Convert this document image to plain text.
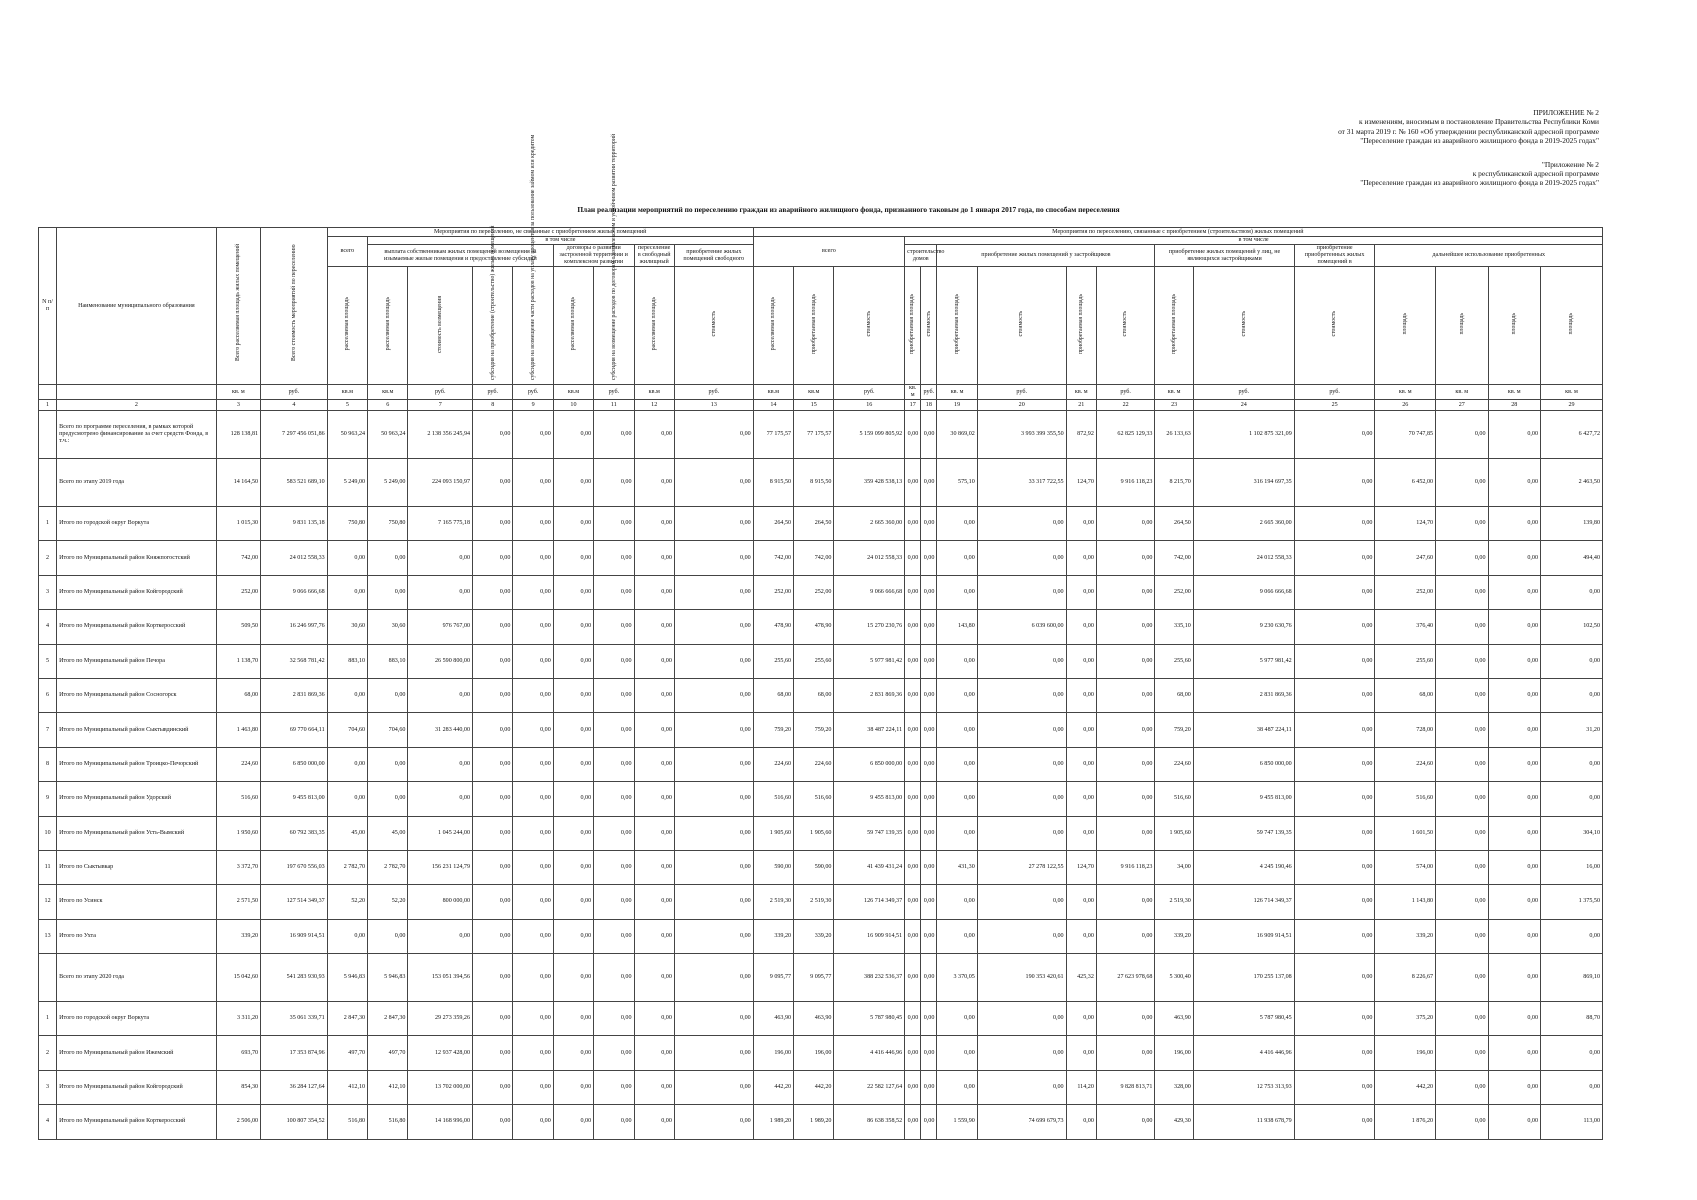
ПРИЛОЖЕНИЕ № 2
к изменениям, вносимым в постановление Правительства Республики Коми
от 31 марта 2019 г. № 160 «Об утверждении республиканской адресной программе
"Переселение граждан из аварийного жилищного фонда в 2019-2025 годах"
"Приложение № 2
к республиканской адресной программе
"Переселение граждан из аварийного жилищного фонда в 2019-2025 годах"
План реализации мероприятий по переселению граждан из аварийного жилищного фонда, признанного таковым до 1 января 2017 года, по способам переселения
N п/п	Наименование муниципального образования	Всего расселяемая площадь жилых помещений	Всего стоимость мероприятий по переселению	Мероприятия по переселению, не связанные с приобретением жилых помещений									Мероприятия по переселению, связанные с приобретением (строительством) жилых помещений															
				всего	в том числе								всего			в том числе												
					выплата собственникам жилых помещений возмещения за изымаемые жилые помещения и предоставление субсидий				договоры о развитии застроенной территории и комплексном развитии		переселение в свободный жилищный	приобретение жилых помещений свободного				строительство домов		приобретение жилых помещений у застройщиков				приобретение жилых помещений у лиц, не являющихся застройщиками		приобретение приобретенных жилых помещений в	дальнейшее использование приобретенных			
				расселяемая площадь	расселяемая площадь	стоимость возмещения	субсидия на приобретение (строительство) жилых помещений	субсидия на возмещение части расходов на уплату процентов за пользование займом или кредитом	расселяемая площадь	субсидия на возмещение расходов по договорам о комплексном и устойчивом развитии территорий	расселяемая площадь	стоимость	расселяемая площадь	приобретаемая площадь	стоимость	приобретаемая площадь	стоимость	приобретаемая площадь	стоимость	приобретаемая площадь	стоимость	приобретаемая площадь	стоимость	стоимость	площадь	площадь	площадь	площадь
		кв. м	руб.	кв.м	кв.м	руб.	руб.	руб.	кв.м	руб.	кв.м	руб.	кв.м	кв.м	руб.	кв. м	руб.	кв. м	руб.	кв. м	руб.	кв. м	руб.	руб.	кв. м	кв. м	кв. м	кв. м
1	2	3	4	5	6	7	8	9	10	11	12	13	14	15	16	17	18	19	20	21	22	23	24	25	26	27	28	29
	Всего по программе переселения, в рамках которой предусмотрено финансирование за счет средств Фонда, в т.ч.:	128 138,81	7 297 456 051,86	50 963,24	50 963,24	2 138 356 245,94	0,00	0,00	0,00	0,00	0,00	0,00	77 175,57	77 175,57	5 159 099 805,92	0,00	0,00	30 869,02	3 993 399 355,50	872,92	62 825 129,33	26 133,63	1 102 875 321,09	0,00	70 747,85	0,00	0,00	6 427,72
	Всего по этапу 2019 года	14 164,50	583 521 689,10	5 249,00	5 249,00	224 093 150,97	0,00	0,00	0,00	0,00	0,00	0,00	8 915,50	8 915,50	359 428 538,13	0,00	0,00	575,10	33 317 722,55	124,70	9 916 118,23	8 215,70	316 194 697,35	0,00	6 452,00	0,00	0,00	2 463,50
1	Итого по городской округ Воркута	1 015,30	9 831 135,18	750,80	750,80	7 165 775,18	0,00	0,00	0,00	0,00	0,00	0,00	264,50	264,50	2 665 360,00	0,00	0,00	0,00	0,00	0,00	0,00	264,50	2 665 360,00	0,00	124,70	0,00	0,00	139,80
2	Итого по Муниципальный район Княжпогостский	742,00	24 012 558,33	0,00	0,00	0,00	0,00	0,00	0,00	0,00	0,00	0,00	742,00	742,00	24 012 558,33	0,00	0,00	0,00	0,00	0,00	0,00	742,00	24 012 558,33	0,00	247,60	0,00	0,00	494,40
3	Итого по Муниципальный район Койгородский	252,00	9 066 666,68	0,00	0,00	0,00	0,00	0,00	0,00	0,00	0,00	0,00	252,00	252,00	9 066 666,68	0,00	0,00	0,00	0,00	0,00	0,00	252,00	9 066 666,68	0,00	252,00	0,00	0,00	0,00
4	Итого по Муниципальный район Корткеросский	509,50	16 246 997,76	30,60	30,60	976 767,00	0,00	0,00	0,00	0,00	0,00	0,00	478,90	478,90	15 270 230,76	0,00	0,00	143,80	6 039 600,00	0,00	0,00	335,10	9 230 630,76	0,00	376,40	0,00	0,00	102,50
5	Итого по Муниципальный район Печора	1 138,70	32 568 781,42	883,10	883,10	26 590 800,00	0,00	0,00	0,00	0,00	0,00	0,00	255,60	255,60	5 977 981,42	0,00	0,00	0,00	0,00	0,00	0,00	255,60	5 977 981,42	0,00	255,60	0,00	0,00	0,00
6	Итого по Муниципальный район Сосногорск	68,00	2 831 869,36	0,00	0,00	0,00	0,00	0,00	0,00	0,00	0,00	0,00	68,00	68,00	2 831 869,36	0,00	0,00	0,00	0,00	0,00	0,00	68,00	2 831 869,36	0,00	68,00	0,00	0,00	0,00
7	Итого по Муниципальный район Сыктывдинский	1 463,80	69 770 664,11	704,60	704,60	31 283 440,00	0,00	0,00	0,00	0,00	0,00	0,00	759,20	759,20	38 487 224,11	0,00	0,00	0,00	0,00	0,00	0,00	759,20	38 487 224,11	0,00	728,00	0,00	0,00	31,20
8	Итого по Муниципальный район Троицко-Печорский	224,60	6 850 000,00	0,00	0,00	0,00	0,00	0,00	0,00	0,00	0,00	0,00	224,60	224,60	6 850 000,00	0,00	0,00	0,00	0,00	0,00	0,00	224,60	6 850 000,00	0,00	224,60	0,00	0,00	0,00
9	Итого по Муниципальный район Удорский	516,60	9 455 813,00	0,00	0,00	0,00	0,00	0,00	0,00	0,00	0,00	0,00	516,60	516,60	9 455 813,00	0,00	0,00	0,00	0,00	0,00	0,00	516,60	9 455 813,00	0,00	516,60	0,00	0,00	0,00
10	Итого по Муниципальный район Усть-Вымский	1 950,60	60 792 383,35	45,00	45,00	1 045 244,00	0,00	0,00	0,00	0,00	0,00	0,00	1 905,60	1 905,60	59 747 139,35	0,00	0,00	0,00	0,00	0,00	0,00	1 905,60	59 747 139,35	0,00	1 601,50	0,00	0,00	304,10
11	Итого по Сыктывкар	3 372,70	197 670 556,03	2 782,70	2 782,70	156 231 124,79	0,00	0,00	0,00	0,00	0,00	0,00	590,00	590,00	41 439 431,24	0,00	0,00	431,30	27 278 122,55	124,70	9 916 118,23	34,00	4 245 190,46	0,00	574,00	0,00	0,00	16,00
12	Итого по Усинск	2 571,50	127 514 349,37	52,20	52,20	800 000,00	0,00	0,00	0,00	0,00	0,00	0,00	2 519,30	2 519,30	126 714 349,37	0,00	0,00	0,00	0,00	0,00	0,00	2 519,30	126 714 349,37	0,00	1 143,80	0,00	0,00	1 375,50
13	Итого по Ухта	339,20	16 909 914,51	0,00	0,00	0,00	0,00	0,00	0,00	0,00	0,00	0,00	339,20	339,20	16 909 914,51	0,00	0,00	0,00	0,00	0,00	0,00	339,20	16 909 914,51	0,00	339,20	0,00	0,00	0,00
	Всего по этапу 2020 года	15 042,60	541 283 930,93	5 946,83	5 946,83	153 051 394,56	0,00	0,00	0,00	0,00	0,00	0,00	9 095,77	9 095,77	388 232 536,37	0,00	0,00	3 370,05	190 353 420,61	425,32	27 623 978,68	5 300,40	170 255 137,08	0,00	8 226,67	0,00	0,00	869,10
1	Итого по городской округ Воркута	3 311,20	35 061 339,71	2 847,30	2 847,30	29 273 359,26	0,00	0,00	0,00	0,00	0,00	0,00	463,90	463,90	5 787 980,45	0,00	0,00	0,00	0,00	0,00	0,00	463,90	5 787 980,45	0,00	375,20	0,00	0,00	88,70
2	Итого по Муниципальный район Ижемский	693,70	17 353 874,96	497,70	497,70	12 937 428,00	0,00	0,00	0,00	0,00	0,00	0,00	196,00	196,00	4 416 446,96	0,00	0,00	0,00	0,00	0,00	0,00	196,00	4 416 446,96	0,00	196,00	0,00	0,00	0,00
3	Итого по Муниципальный район Койгородский	854,30	36 284 127,64	412,10	412,10	13 702 000,00	0,00	0,00	0,00	0,00	0,00	0,00	442,20	442,20	22 582 127,64	0,00	0,00	0,00	0,00	114,20	9 828 813,71	328,00	12 753 313,93	0,00	442,20	0,00	0,00	0,00
4	Итого по Муниципальный район Корткеросский	2 506,00	100 807 354,52	516,80	516,80	14 168 996,00	0,00	0,00	0,00	0,00	0,00	0,00	1 989,20	1 989,20	86 638 358,52	0,00	0,00	1 559,90	74 699 679,73	0,00	0,00	429,30	11 938 678,79	0,00	1 876,20	0,00	0,00	113,00
